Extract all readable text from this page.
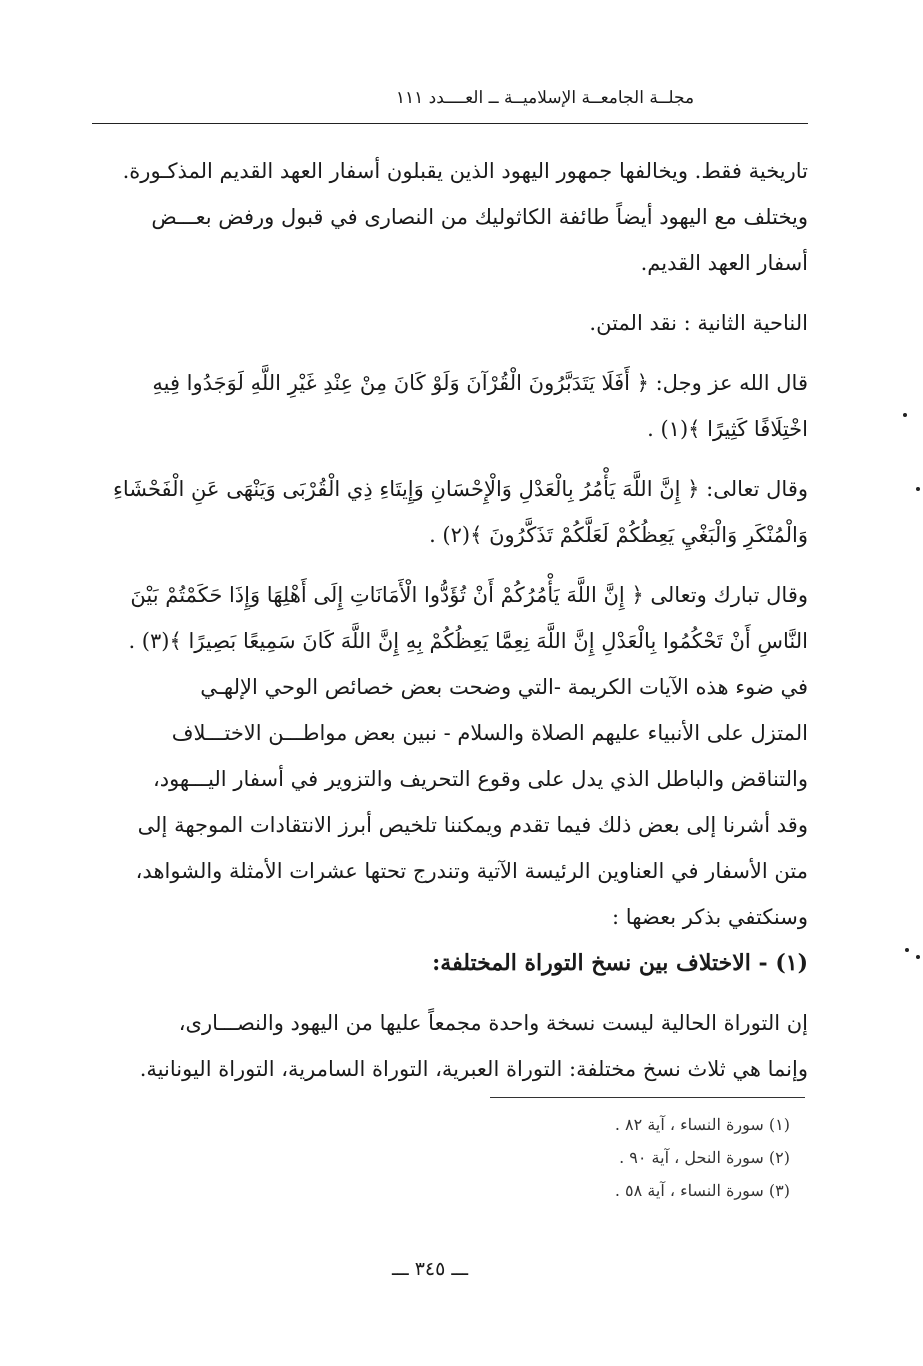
مجلــة الجامعــة الإسلاميــة ــ العــــدد ١١١

تاريخية فقط. ويخالفها جمهور اليهود الذين يقبلون أسفار العهد القديم المذكـورة.
ويختلف مع اليهود أيضاً طائفة الكاثوليك من النصارى في قبول ورفض بعـــض
أسفار العهد القديم.

الناحية الثانية : نقد المتن.

قال الله عز وجل: ﴿ أَفَلَا يَتَدَبَّرُونَ الْقُرْآنَ وَلَوْ كَانَ مِنْ عِنْدِ غَيْرِ اللَّهِ لَوَجَدُوا فِيهِ
اخْتِلَافًا كَثِيرًا ﴾(١) .

وقال تعالى: ﴿ إِنَّ اللَّهَ يَأْمُرُ بِالْعَدْلِ وَالْإِحْسَانِ وَإِيتَاءِ ذِي الْقُرْبَى وَيَنْهَى عَنِ الْفَحْشَاءِ
وَالْمُنْكَرِ وَالْبَغْيِ يَعِظُكُمْ لَعَلَّكُمْ تَذَكَّرُونَ ﴾(٢) .

وقال تبارك وتعالى ﴿ إِنَّ اللَّهَ يَأْمُرُكُمْ أَنْ تُؤَدُّوا الْأَمَانَاتِ إِلَى أَهْلِهَا وَإِذَا حَكَمْتُمْ بَيْنَ
النَّاسِ أَنْ تَحْكُمُوا بِالْعَدْلِ إِنَّ اللَّهَ نِعِمَّا يَعِظُكُمْ بِهِ إِنَّ اللَّهَ كَانَ سَمِيعًا بَصِيرًا ﴾(٣) .

في ضوء هذه الآيات الكريمة -التي وضحت بعض خصائص الوحي الإلهـي
المتزل على الأنبياء عليهم الصلاة والسلام - نبين بعض مواطـــن الاختـــلاف
والتناقض والباطل الذي يدل على وقوع التحريف والتزوير في أسفار اليـــهود،
وقد أشرنا إلى بعض ذلك فيما تقدم ويمكننا تلخيص أبرز الانتقادات الموجهة إلى
متن الأسفار في العناوين الرئيسة الآتية وتندرج تحتها عشرات الأمثلة والشواهد،
وسنكتفي بذكر بعضها :

(١) - الاختلاف بين نسخ التوراة المختلفة:

إن التوراة الحالية ليست نسخة واحدة مجمعاً عليها من اليهود والنصـــارى،
وإنما هي ثلاث نسخ مختلفة: التوراة العبرية، التوراة السامرية، التوراة اليونانية.

(١) سورة النساء ، آية ٨٢ .
(٢) سورة النحل ، آية ٩٠ .
(٣) سورة النساء ، آية ٥٨ .
ـــ ٣٤٥ ـــ
